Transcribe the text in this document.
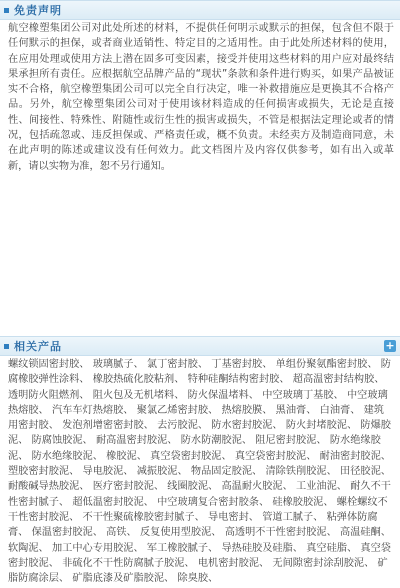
免责声明
航空橡塑集团公司对此处所述的材料，不提供任何明示或默示的担保，包含但不限于任何默示的担保，或者商业适销性、特定目的之适用性。由于此处所述材料的使用，在应用处理或使用方法上潜在固多可变因素，接受并使用这些材料的用户应对最终结果承担所有责任。应根据航空品牌产品的“现状”条款和条件进行购买，如果产品被证实不合格，航空橡塑集团公司可以完全自行决定，唯一补救措施应是更换其不合格产品。另外，航空橡塑集团公司对于使用该材料造成的任何损害或损失，无论是直接性、间接性、特殊性、附随性或衍生性的损害或损失，不管是根据法定理论或者的情况，包括疏忽或、违反担保或、严格责任或，概不负责。未经卖方及制造商同意，未在此声明的陈述或建议没有任何效力。此文档图片及内容仅供参考，如有出入或革新，请以实物为准，恕不另行通知。
相关产品	+
螺纹锁固密封胶、 玻璃腻子、 氯丁密封胶、 丁基密封胶、 单组份聚氨酯密封胶、 防腐橡胶弹性涂料、 橡胶热硫化胶粘剂、 特种硅酮结构密封胶、 超高温密封结构胶、 透明防火阻燃剂、 阻火包及无机堵料、 防火保温堵料、 中空玻璃丁基胶、 中空玻璃热熔胶、 汽车车灯热熔胶、 聚氯乙烯密封胶、 热熔胶膜、 黑油膏、 白油膏、 建筑用密封胶、 发泡剂增密密封胶、 去污胶泥、 防水密封胶泥、 防火封堵胶泥、 防爆胶泥、 防腐蚀胶泥、 耐高温密封胶泥、 防水防潮胶泥、 阻尼密封胶泥、 防水绝缘胶泥、 防水绝缘胶泥、 橡胶泥、 真空袋密封胶泥、 真空袋密封胶泥、 耐油密封胶泥、 塑胶密封胶泥、 导电胶泥、 减振胶泥、 物品固定胶泥、 清除铁削胶泥、 田径胶泥、 耐酸碱导热胶泥、 医疗密封胶泥、 线圈胶泥、 高温耐火胶泥、 工业油泥、 耐久不干性密封腻子、 超低温密封胶泥、 中空玻璃复合密封胶条、 硅橡胶胶泥、 螺栓螺纹不干性密封胶泥、 不干性聚硫橡胶密封腻子、 导电密封、 管道工腻子、 粘弹体防腐膏、 保温密封胶泥、 高铁、 反复使用型胶泥、 高透明不干性密封胶泥、 高温硅酮、 软陶泥、 加工中心专用胶泥、 军工橡胶腻子、 导热硅胶及硅脂、 真空硅脂、 真空袋密封胶泥、 非硫化不干性防腐腻子胶泥、 电机密封胶泥、 无间隙密封涂刮胶泥、 矿脂防腐涂层、 矿脂底漆及矿脂胶泥、 除臭胶、
